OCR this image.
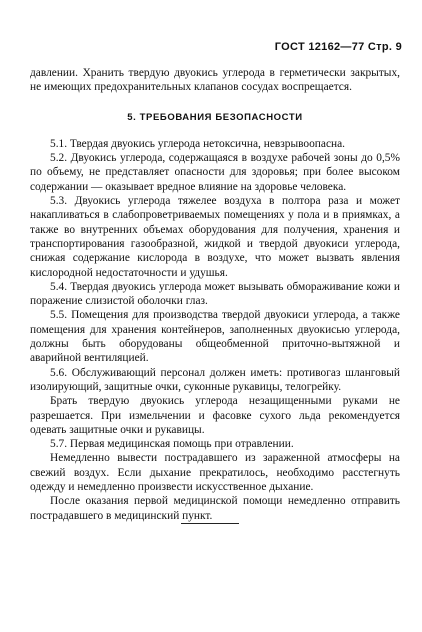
ГОСТ 12162—77 Стр. 9

давлении. Хранить твердую двуокись углерода в герметически закрытых, не имеющих предохранительных клапанов сосудах воспрещается.

5. ТРЕБОВАНИЯ БЕЗОПАСНОСТИ

5.1. Твердая двуокись углерода нетоксична, невзрывоопасна.

5.2. Двуокись углерода, содержащаяся в воздухе рабочей зоны до 0,5% по объему, не представляет опасности для здоровья; при более высоком содержании — оказывает вредное влияние на здоровье человека.

5.3. Двуокись углерода тяжелее воздуха в полтора раза и может накапливаться в слабопроветриваемых помещениях у пола и в приямках, а также во внутренних объемах оборудования для получения, хранения и транспортирования газообразной, жидкой и твердой двуокиси углерода, снижая содержание кислорода в воздухе, что может вызвать явления кислородной недостаточности и удушья.

5.4. Твердая двуокись углерода может вызывать обмораживание кожи и поражение слизистой оболочки глаз.

5.5. Помещения для производства твердой двуокиси углерода, а также помещения для хранения контейнеров, заполненных двуокисью углерода, должны быть оборудованы общеобменной приточно-вытяжной и аварийной вентиляцией.

5.6. Обслуживающий персонал должен иметь: противогаз шланговый изолирующий, защитные очки, суконные рукавицы, телогрейку.

Брать твердую двуокись углерода незащищенными руками не разрешается. При измельчении и фасовке сухого льда рекомендуется одевать защитные очки и рукавицы.

5.7. Первая медицинская помощь при отравлении.

Немедленно вывести пострадавшего из зараженной атмосферы на свежий воздух. Если дыхание прекратилось, необходимо расстегнуть одежду и немедленно произвести искусственное дыхание.

После оказания первой медицинской помощи немедленно отправить пострадавшего в медицинский пункт.
